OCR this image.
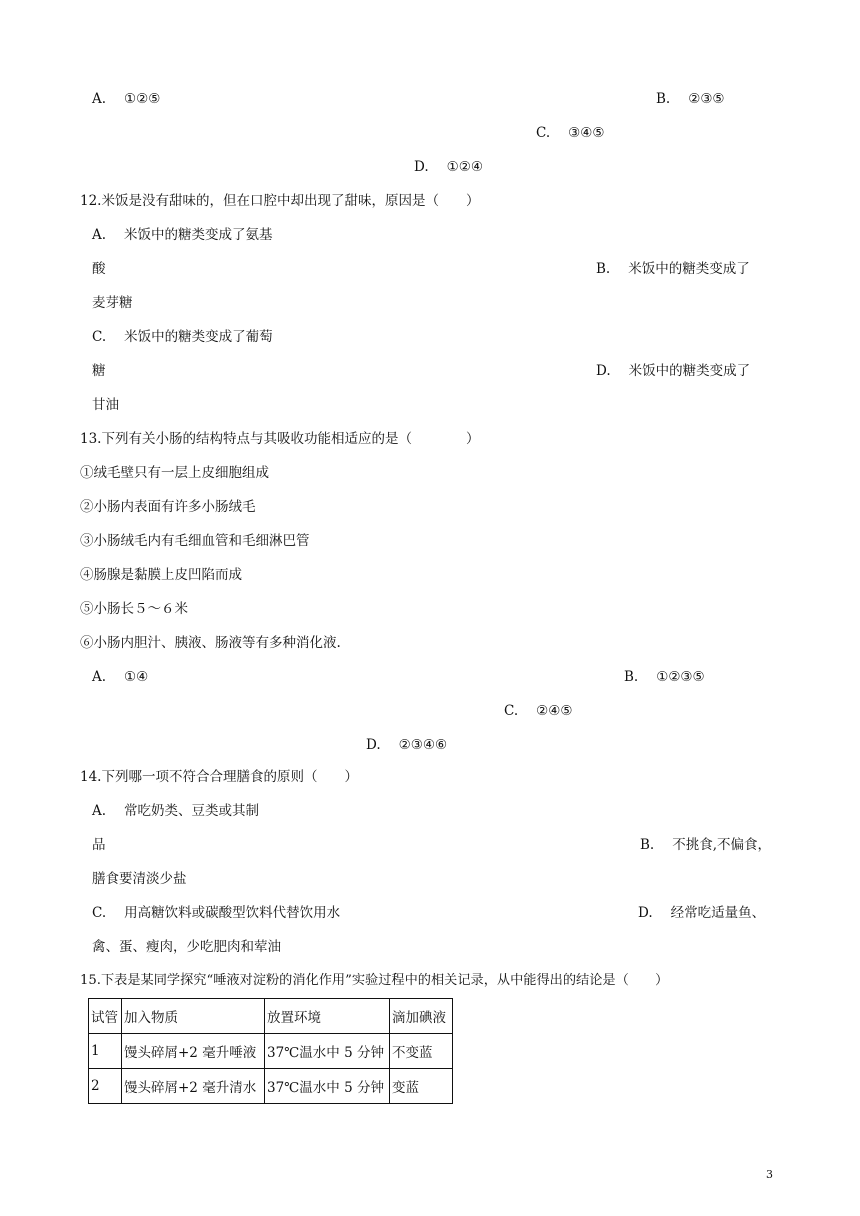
A. ①②⑤	B. ②③⑤
C. ③④⑤
D. ①②④
12.米饭是没有甜味的，但在口腔中却出现了甜味，原因是（　　）
A. 米饭中的糖类变成了氨基
酸	B. 米饭中的糖类变成了
麦芽糖
C. 米饭中的糖类变成了葡萄
糖	D. 米饭中的糖类变成了
甘油
13.下列有关小肠的结构特点与其吸收功能相适应的是（　　　　）
①绒毛壁只有一层上皮细胞组成
②小肠内表面有许多小肠绒毛
③小肠绒毛内有毛细血管和毛细淋巴管
④肠腺是黏膜上皮凹陷而成
⑤小肠长５～６米
⑥小肠内胆汁、胰液、肠液等有多种消化液.
A. ①④	B. ①②③⑤
C. ②④⑤
D. ②③④⑥
14.下列哪一项不符合合理膳食的原则（　　）
A. 常吃奶类、豆类或其制
品	B. 不挑食,不偏食，
膳食要清淡少盐
C. 用高糖饮料或碳酸型饮料代替饮用水	D. 经常吃适量鱼、
禽、蛋、瘦肉，少吃肥肉和荤油
15.下表是某同学探究“唾液对淀粉的消化作用”实验过程中的相关记录，从中能得出的结论是（　　）
试管	加入物质	放置环境	滴加碘液
1	馒头碎屑+2 毫升唾液	37℃温水中 5 分钟	不变蓝
2	馒头碎屑+2 毫升清水	37℃温水中 5 分钟	变蓝
3
